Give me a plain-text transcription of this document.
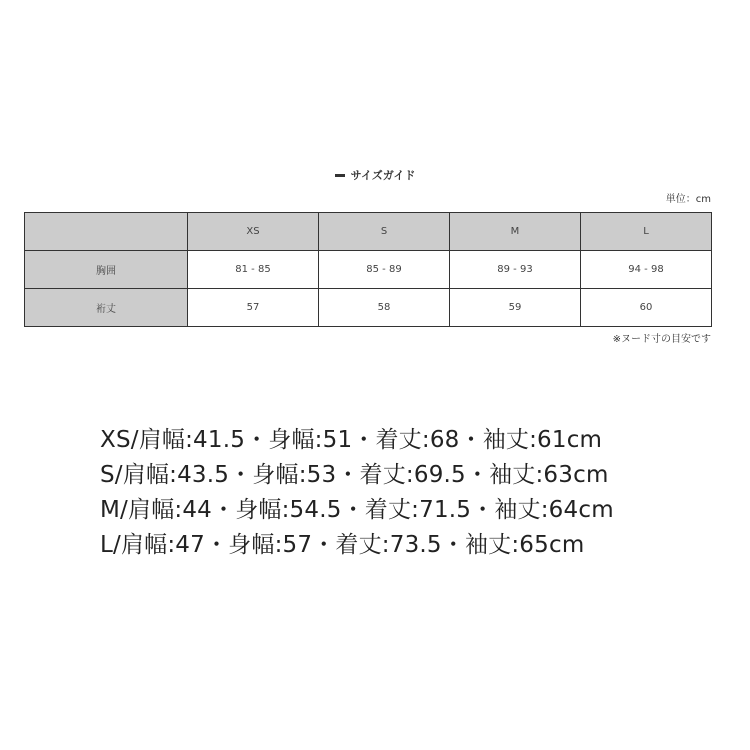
サイズガイド
単位：cm
	XS	S	M	L
胸囲	81 - 85	85 - 89	89 - 93	94 - 98
裄丈	57	58	59	60
※ヌード寸の目安です
XS/肩幅:41.5・身幅:51・着丈:68・袖丈:61cm
S/肩幅:43.5・身幅:53・着丈:69.5・袖丈:63cm
M/肩幅:44・身幅:54.5・着丈:71.5・袖丈:64cm
L/肩幅:47・身幅:57・着丈:73.5・袖丈:65cm
